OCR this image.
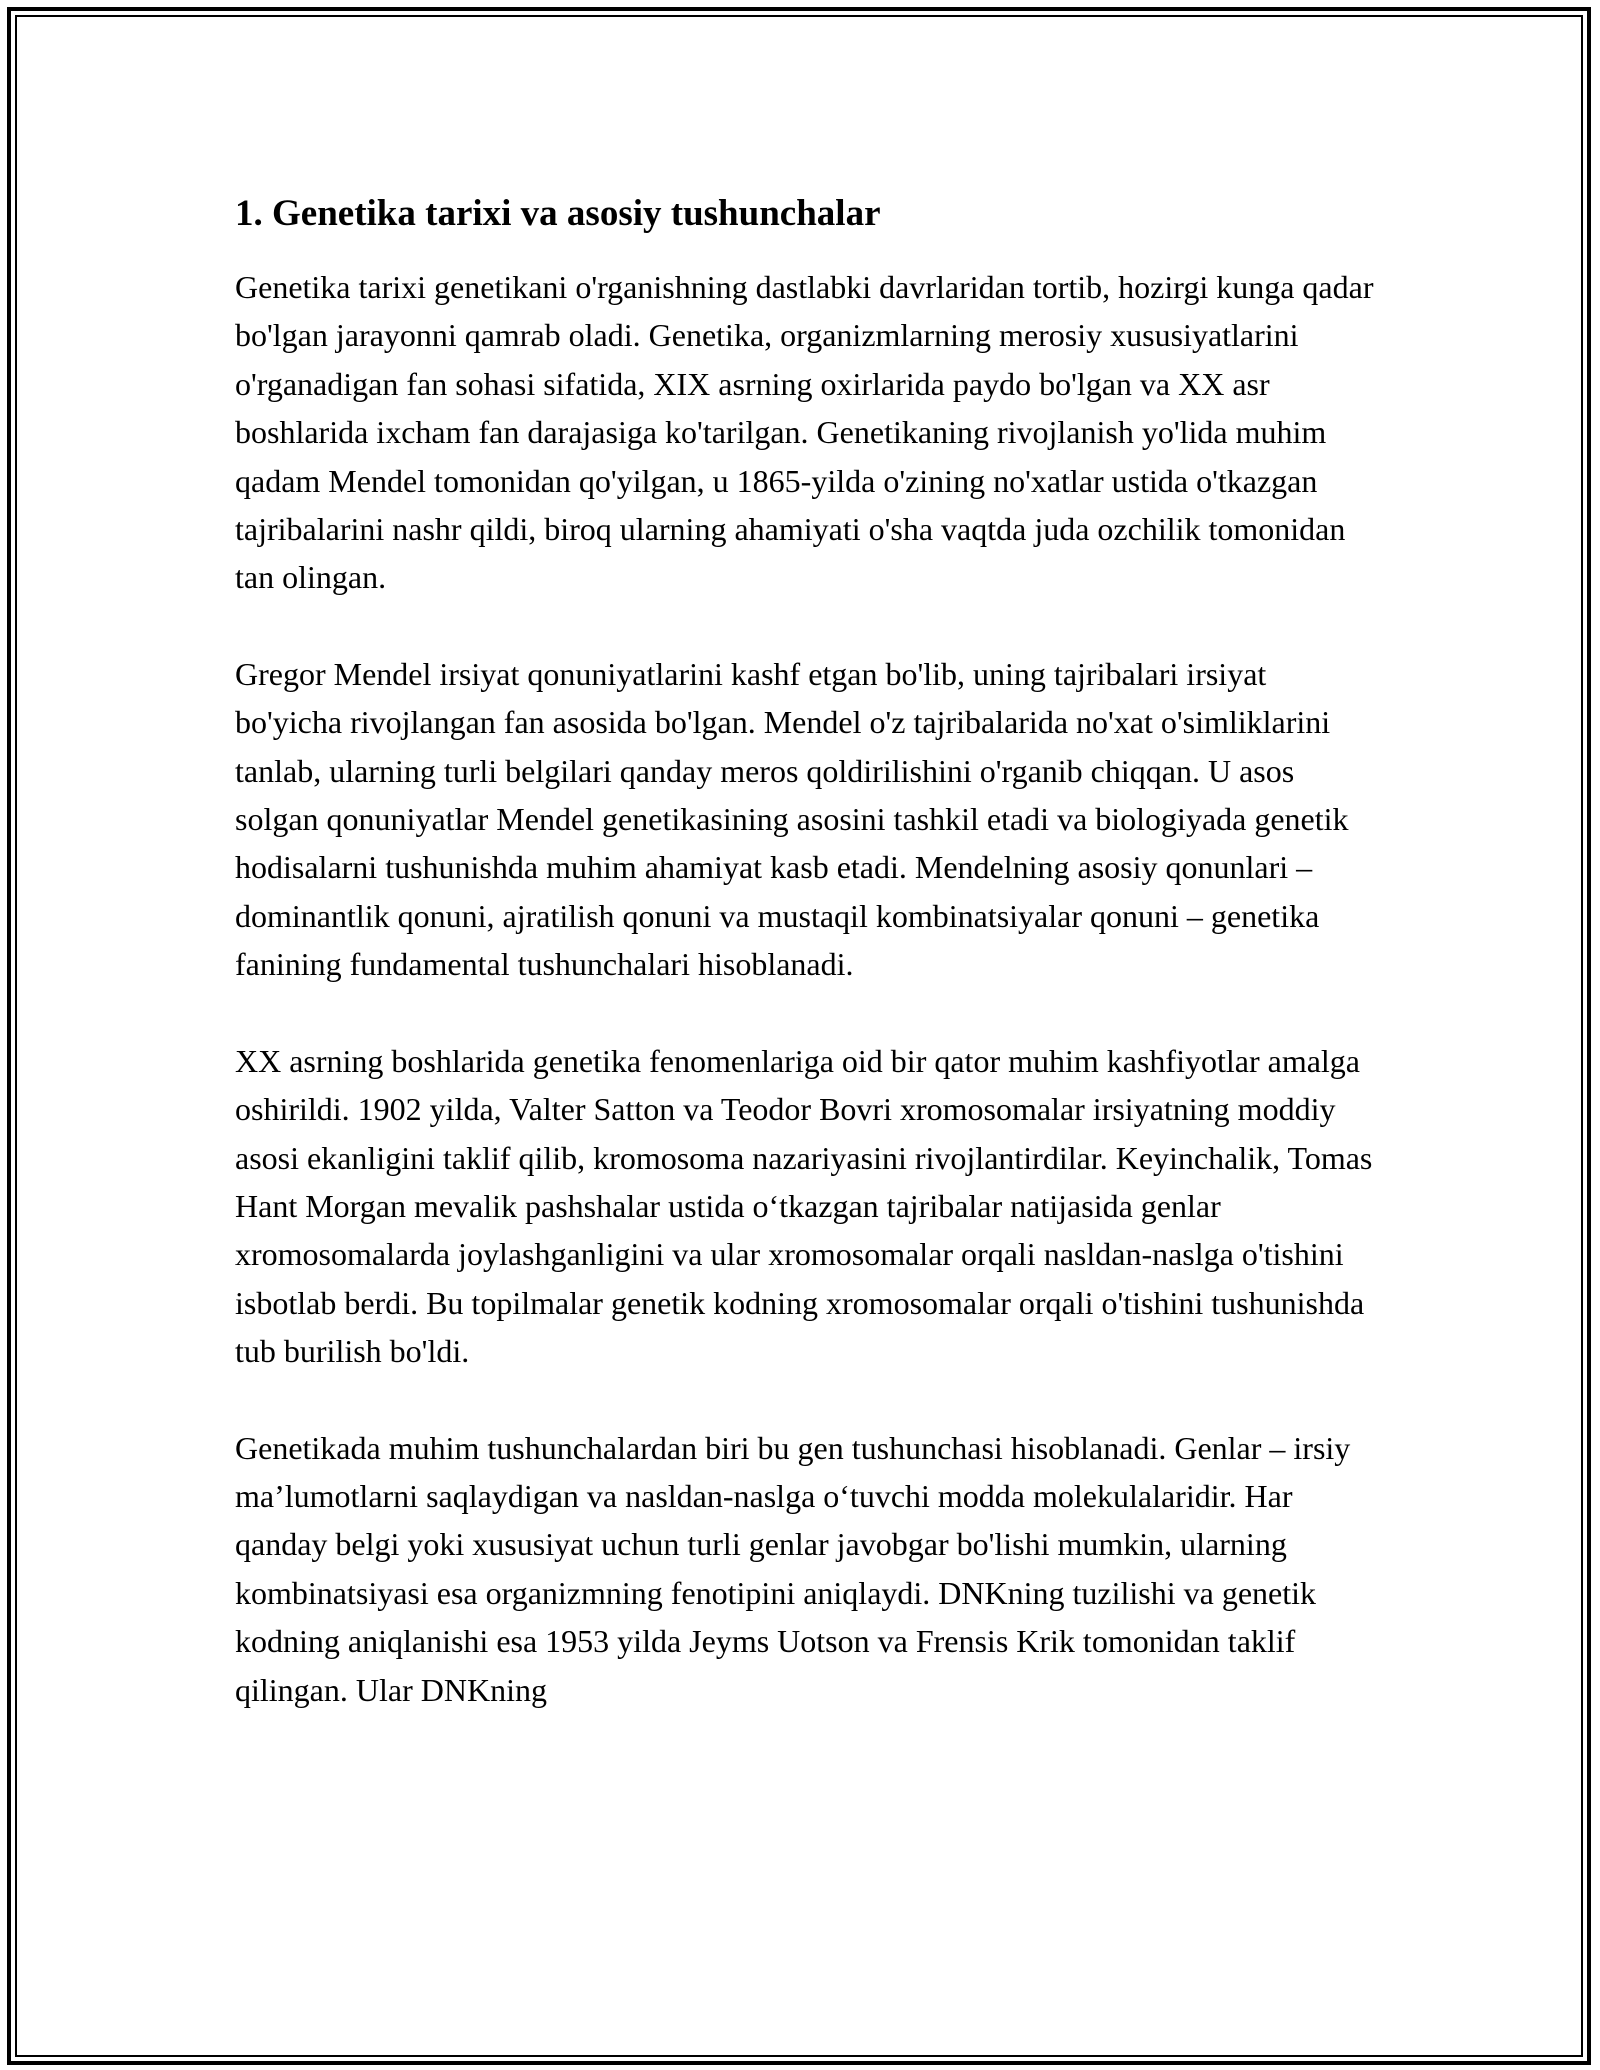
1. Genetika tarixi va asosiy tushunchalar

Genetika tarixi genetikani o'rganishning dastlabki davrlaridan tortib, hozirgi kunga qadar bo'lgan jarayonni qamrab oladi. Genetika, organizmlarning merosiy xususiyatlarini o'rganadigan fan sohasi sifatida, XIX asrning oxirlarida paydo bo'lgan va XX asr boshlarida ixcham fan darajasiga ko'tarilgan. Genetikaning rivojlanish yo'lida muhim qadam Mendel tomonidan qo'yilgan, u 1865-yilda o'zining no'xatlar ustida o'tkazgan tajribalarini nashr qildi, biroq ularning ahamiyati o'sha vaqtda juda ozchilik tomonidan tan olingan.

Gregor Mendel irsiyat qonuniyatlarini kashf etgan bo'lib, uning tajribalari irsiyat bo'yicha rivojlangan fan asosida bo'lgan. Mendel o'z tajribalarida no'xat o'simliklarini tanlab, ularning turli belgilari qanday meros qoldirilishini o'rganib chiqqan. U asos solgan qonuniyatlar Mendel genetikasining asosini tashkil etadi va biologiyada genetik hodisalarni tushunishda muhim ahamiyat kasb etadi. Mendelning asosiy qonunlari – dominantlik qonuni, ajratilish qonuni va mustaqil kombinatsiyalar qonuni – genetika fanining fundamental tushunchalari hisoblanadi.

XX asrning boshlarida genetika fenomenlariga oid bir qator muhim kashfiyotlar amalga oshirildi. 1902 yilda, Valter Satton va Teodor Bovri xromosomalar irsiyatning moddiy asosi ekanligini taklif qilib, kromosoma nazariyasini rivojlantirdilar. Keyinchalik, Tomas Hant Morgan mevalik pashshalar ustida o‘tkazgan tajribalar natijasida genlar xromosomalarda joylashganligini va ular xromosomalar orqali nasldan-naslga o'tishini isbotlab berdi. Bu topilmalar genetik kodning xromosomalar orqali o'tishini tushunishda tub burilish bo'ldi.

Genetikada muhim tushunchalardan biri bu gen tushunchasi hisoblanadi. Genlar – irsiy ma’lumotlarni saqlaydigan va nasldan-naslga o‘tuvchi modda molekulalaridir. Har qanday belgi yoki xususiyat uchun turli genlar javobgar bo'lishi mumkin, ularning kombinatsiyasi esa organizmning fenotipini aniqlaydi. DNKning tuzilishi va genetik kodning aniqlanishi esa 1953 yilda Jeyms Uotson va Frensis Krik tomonidan taklif qilingan. Ular DNKning
